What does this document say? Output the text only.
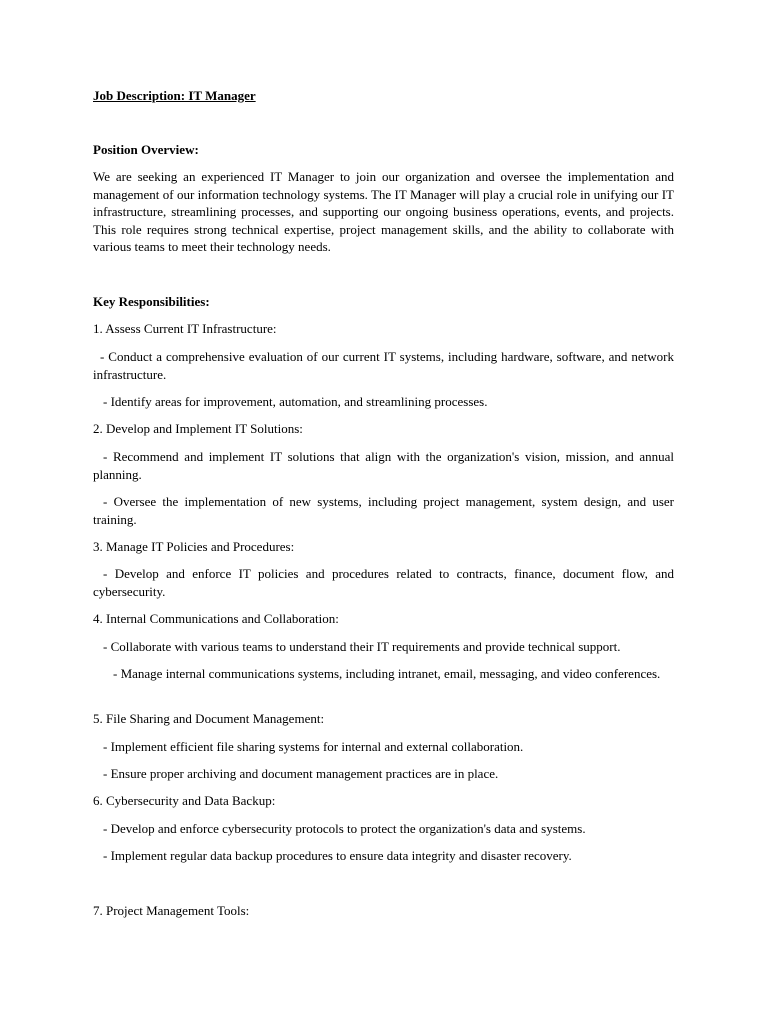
Job Description: IT Manager
Position Overview:
We are seeking an experienced IT Manager to join our organization and oversee the implementation and management of our information technology systems. The IT Manager will play a crucial role in unifying our IT infrastructure, streamlining processes, and supporting our ongoing business operations, events, and projects. This role requires strong technical expertise, project management skills, and the ability to collaborate with various teams to meet their technology needs.
Key Responsibilities:
1. Assess Current IT Infrastructure:
- Conduct a comprehensive evaluation of our current IT systems, including hardware, software, and network infrastructure.
- Identify areas for improvement, automation, and streamlining processes.
2. Develop and Implement IT Solutions:
- Recommend and implement IT solutions that align with the organization's vision, mission, and annual planning.
- Oversee the implementation of new systems, including project management, system design, and user training.
3. Manage IT Policies and Procedures:
- Develop and enforce IT policies and procedures related to contracts, finance, document flow, and cybersecurity.
4. Internal Communications and Collaboration:
- Collaborate with various teams to understand their IT requirements and provide technical support.
- Manage internal communications systems, including intranet, email, messaging, and video conferences.
5. File Sharing and Document Management:
- Implement efficient file sharing systems for internal and external collaboration.
- Ensure proper archiving and document management practices are in place.
6. Cybersecurity and Data Backup:
- Develop and enforce cybersecurity protocols to protect the organization's data and systems.
- Implement regular data backup procedures to ensure data integrity and disaster recovery.
7. Project Management Tools:
